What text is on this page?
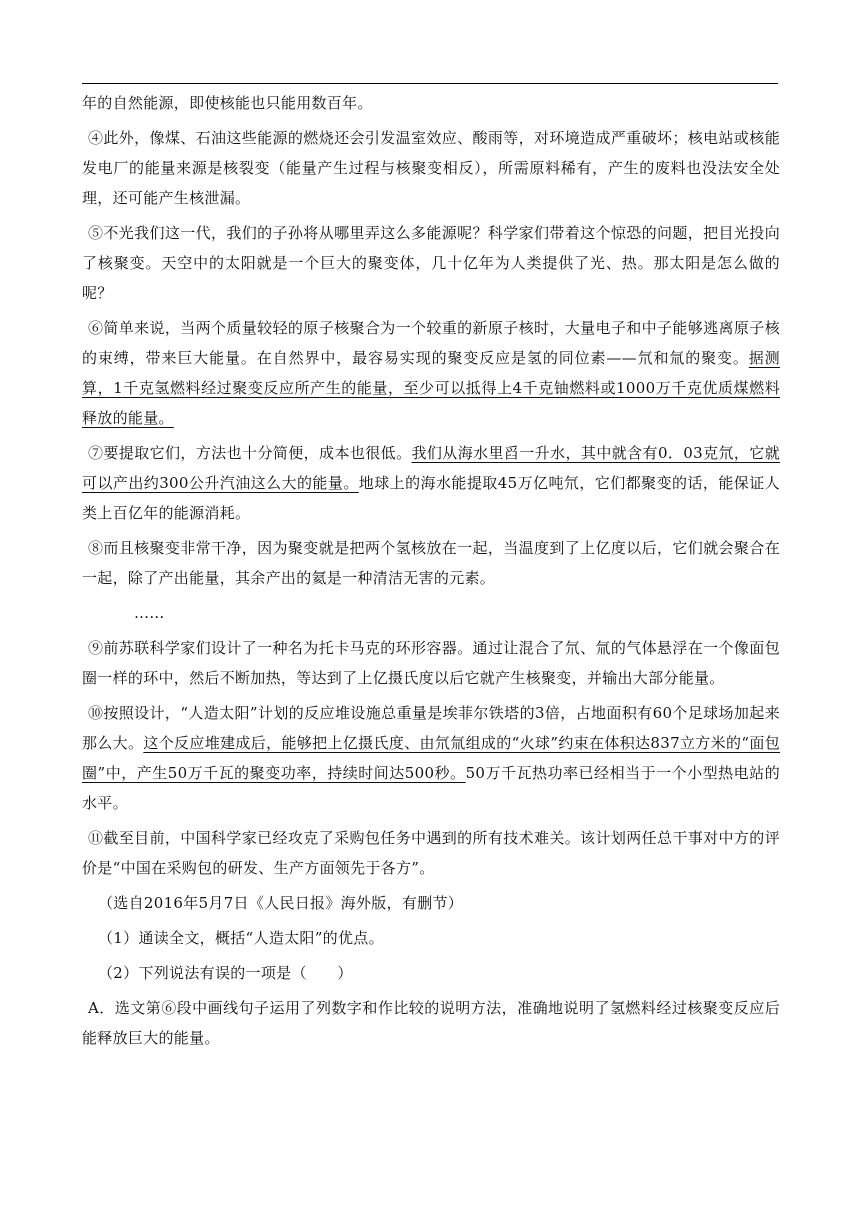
年的自然能源，即使核能也只能用数百年。

④此外，像煤、石油这些能源的燃烧还会引发温室效应、酸雨等，对环境造成严重破坏；核电站或核能发电厂的能量来源是核裂变（能量产生过程与核聚变相反），所需原料稀有，产生的废料也没法安全处理，还可能产生核泄漏。

⑤不光我们这一代，我们的子孙将从哪里弄这么多能源呢？科学家们带着这个惊恐的问题，把目光投向了核聚变。天空中的太阳就是一个巨大的聚变体，几十亿年为人类提供了光、热。那太阳是怎么做的呢？

⑥简单来说，当两个质量较轻的原子核聚合为一个较重的新原子核时，大量电子和中子能够逃离原子核的束缚，带来巨大能量。在自然界中，最容易实现的聚变反应是氢的同位素——氘和氚的聚变。据测算，1千克氢燃料经过聚变反应所产生的能量，至少可以抵得上4千克铀燃料或1000万千克优质煤燃料释放的能量。

⑦要提取它们，方法也十分简便，成本也很低。我们从海水里舀一升水，其中就含有0．03克氘，它就可以产出约300公升汽油这么大的能量。地球上的海水能提取45万亿吨氘，它们都聚变的话，能保证人类上百亿年的能源消耗。

⑧而且核聚变非常干净，因为聚变就是把两个氢核放在一起，当温度到了上亿度以后，它们就会聚合在一起，除了产出能量，其余产出的氦是一种清洁无害的元素。

……

⑨前苏联科学家们设计了一种名为托卡马克的环形容器。通过让混合了氘、氚的气体悬浮在一个像面包圈一样的环中，然后不断加热，等达到了上亿摄氏度以后它就产生核聚变，并输出大部分能量。

⑩按照设计，“人造太阳”计划的反应堆设施总重量是埃菲尔铁塔的3倍，占地面积有60个足球场加起来那么大。这个反应堆建成后，能够把上亿摄氏度、由氘氚组成的“火球”约束在体积达837立方米的“面包圈”中，产生50万千瓦的聚变功率，持续时间达500秒。50万千瓦热功率已经相当于一个小型热电站的水平。

⑪截至目前，中国科学家已经攻克了采购包任务中遇到的所有技术难关。该计划两任总干事对中方的评价是“中国在采购包的研发、生产方面领先于各方”。

（选自2016年5月7日《人民日报》海外版，有删节）

（1）通读全文，概括“人造太阳”的优点。

（2）下列说法有误的一项是（　　）

A．选文第⑥段中画线句子运用了列数字和作比较的说明方法，准确地说明了氢燃料经过核聚变反应后能释放巨大的能量。
